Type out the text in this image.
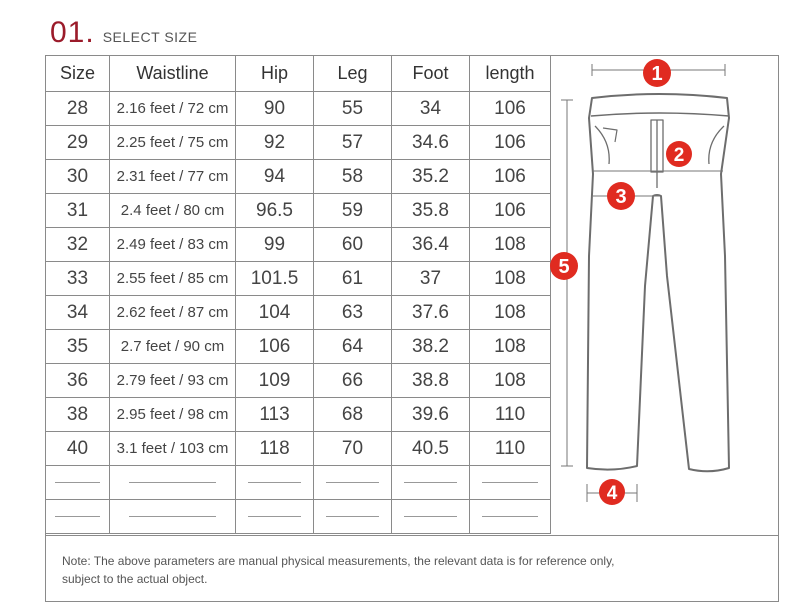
01. SELECT SIZE
Size	Waistline	Hip	Leg	Foot	length
28	2.16 feet / 72 cm	90	55	34	106
29	2.25 feet / 75 cm	92	57	34.6	106
30	2.31 feet / 77 cm	94	58	35.2	106
31	2.4 feet / 80 cm	96.5	59	35.8	106
32	2.49 feet / 83 cm	99	60	36.4	108
33	2.55 feet / 85 cm	101.5	61	37	108
34	2.62 feet / 87 cm	104	63	37.6	108
35	2.7 feet / 90 cm	106	64	38.2	108
36	2.79 feet / 93 cm	109	66	38.8	108
38	2.95 feet / 98 cm	113	68	39.6	110
40	3.1 feet / 103 cm	118	70	40.5	110

1
2
3
4
5
Note: The above parameters are manual physical measurements, the relevant data is for reference only,
subject to the actual object.
